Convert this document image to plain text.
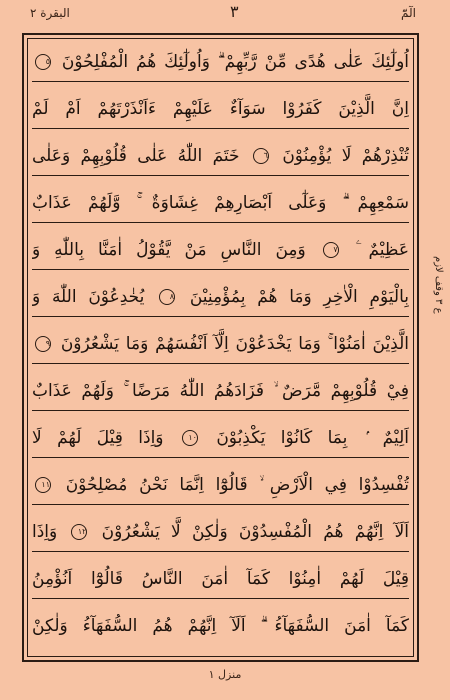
البقرة ٢	٣	الٓمّٓ
اُولٰٓئِكَ عَلٰى هُدًى مِّنْ رَّبِّهِمْ ۗ وَاُولٰٓئِكَ هُمُ الْمُفْلِحُوْنَ ٥
اِنَّ الَّذِيْنَ كَفَرُوْا سَوَآءٌ عَلَيْهِمْ ءَاَنْذَرْتَهُمْ اَمْ لَمْ
تُنْذِرْهُمْ لَا يُؤْمِنُوْنَ ٦ خَتَمَ اللّٰهُ عَلٰى قُلُوْبِهِمْ وَعَلٰى
سَمْعِهِمْ ۗ وَعَلٰٓى اَبْصَارِهِمْ غِشَاوَةٌ ۚ وَّلَهُمْ عَذَابٌ
عَظِيْمٌ ۧ ٧ وَمِنَ النَّاسِ مَنْ يَّقُوْلُ اٰمَنَّا بِاللّٰهِ وَ
بِالْيَوْمِ الْاٰخِرِ وَمَا هُمْ بِمُؤْمِنِيْنَ ٨ يُخٰدِعُوْنَ اللّٰهَ وَ
الَّذِيْنَ اٰمَنُوْا ۚ وَمَا يَخْدَعُوْنَ اِلَّآ اَنْفُسَهُمْ وَمَا يَشْعُرُوْنَ ٩
فِيْ قُلُوْبِهِمْ مَّرَضٌ ۙ فَزَادَهُمُ اللّٰهُ مَرَضًا ۚ وَلَهُمْ عَذَابٌ
اَلِيْمٌ ۢ بِمَا كَانُوْا يَكْذِبُوْنَ ١٠ وَاِذَا قِيْلَ لَهُمْ لَا
تُفْسِدُوْا فِي الْاَرْضِ ۙ قَالُوْٓا اِنَّمَا نَحْنُ مُصْلِحُوْنَ ١١
اَلَآ اِنَّهُمْ هُمُ الْمُفْسِدُوْنَ وَلٰكِنْ لَّا يَشْعُرُوْنَ ١٢ وَاِذَا
قِيْلَ لَهُمْ اٰمِنُوْا كَمَآ اٰمَنَ النَّاسُ قَالُوْٓا اَنُؤْمِنُ
كَمَآ اٰمَنَ السُّفَهَآءُ ۗ اَلَآ اِنَّهُمْ هُمُ السُّفَهَآءُ وَلٰكِنْ
ع ٣ وقف لازم
منزل ١
